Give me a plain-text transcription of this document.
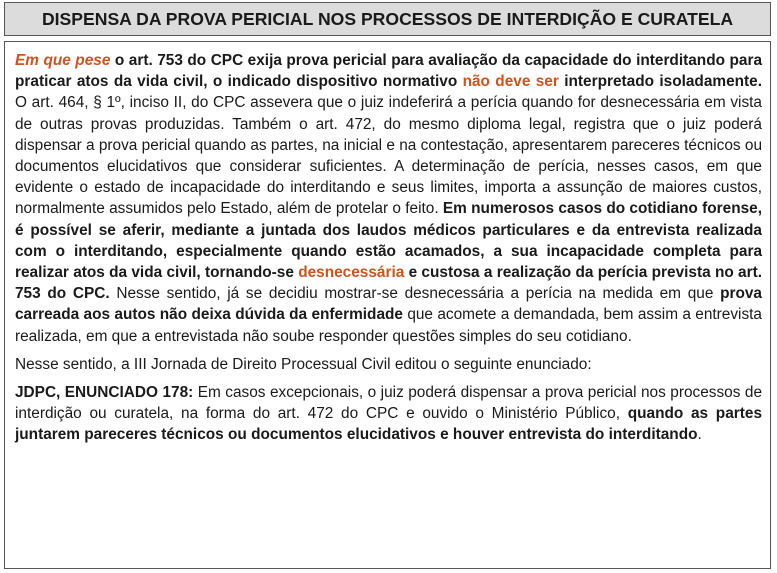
DISPENSA DA PROVA PERICIAL NOS PROCESSOS DE INTERDIÇÃO E CURATELA

Em que pese o art. 753 do CPC exija prova pericial para avaliação da capacidade do interditando para praticar atos da vida civil, o indicado dispositivo normativo não deve ser interpretado isoladamente. O art. 464, § 1º, inciso II, do CPC assevera que o juiz indeferirá a perícia quando for desnecessária em vista de outras provas produzidas. Também o art. 472, do mesmo diploma legal, registra que o juiz poderá dispensar a prova pericial quando as partes, na inicial e na contestação, apresentarem pareceres técnicos ou documentos elucidativos que considerar suficientes. A determinação de perícia, nesses casos, em que evidente o estado de incapacidade do interditando e seus limites, importa a assunção de maiores custos, normalmente assumidos pelo Estado, além de protelar o feito. Em numerosos casos do cotidiano forense, é possível se aferir, mediante a juntada dos laudos médicos particulares e da entrevista realizada com o interditando, especialmente quando estão acamados, a sua incapacidade completa para realizar atos da vida civil, tornando-se desnecessária e custosa a realização da perícia prevista no art. 753 do CPC. Nesse sentido, já se decidiu mostrar-se desnecessária a perícia na medida em que prova carreada aos autos não deixa dúvida da enfermidade que acomete a demandada, bem assim a entrevista realizada, em que a entrevistada não soube responder questões simples do seu cotidiano.

Nesse sentido, a III Jornada de Direito Processual Civil editou o seguinte enunciado:

JDPC, ENUNCIADO 178: Em casos excepcionais, o juiz poderá dispensar a prova pericial nos processos de interdição ou curatela, na forma do art. 472 do CPC e ouvido o Ministério Público, quando as partes juntarem pareceres técnicos ou documentos elucidativos e houver entrevista do interditando.
